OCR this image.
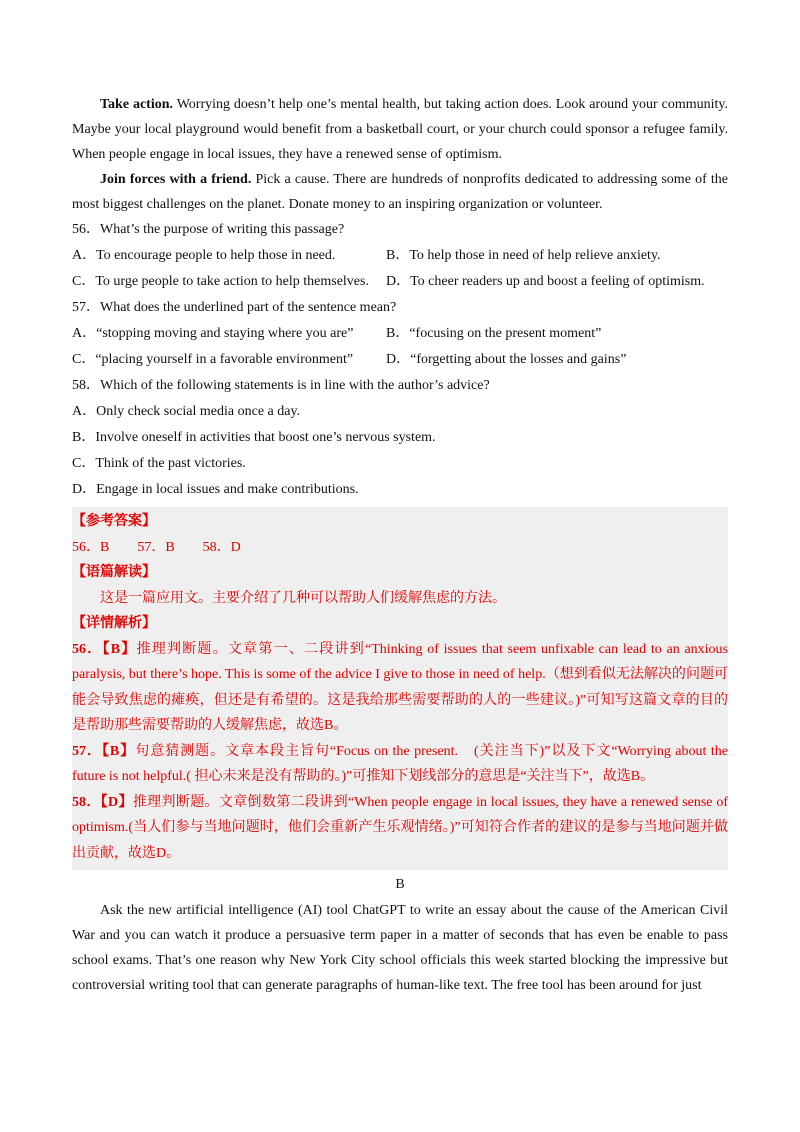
Take action. Worrying doesn’t help one’s mental health, but taking action does. Look around your community. Maybe your local playground would benefit from a basketball court, or your church could sponsor a refugee family. When people engage in local issues, they have a renewed sense of optimism.
Join forces with a friend. Pick a cause. There are hundreds of nonprofits dedicated to addressing some of the most biggest challenges on the planet. Donate money to an inspiring organization or volunteer.
56．What’s the purpose of writing this passage?
A．To encourage people to help those in need.	B．To help those in need of help relieve anxiety.
C．To urge people to take action to help themselves.	D．To cheer readers up and boost a feeling of optimism.
57．What does the underlined part of the sentence mean?
A．“stopping moving and staying where you are”	B．“focusing on the present moment”
C．“placing yourself in a favorable environment”	D．“forgetting about the losses and gains”
58．Which of the following statements is in line with the author’s advice?
A．Only check social media once a day.
B．Involve oneself in activities that boost one’s nervous system.
C．Think of the past victories.
D．Engage in local issues and make contributions.
【参考答案】
56．B　　57．B　　58．D
【语篇解读】
这是一篇应用文。主要介绍了几种可以帮助人们缓解焦虑的方法。
【详情解析】
56．【B】推理判断题。文章第一、二段讲到“Thinking of issues that seem unfixable can lead to an anxious paralysis, but there’s hope. This is some of the advice I give to those in need of help.（想到看似无法解决的问题可能会导致焦虑的瘫痪，但还是有希望的。这是我给那些需要帮助的人的一些建议。)”可知写这篇文章的目的是帮助那些需要帮助的人缓解焦虑，故选B。
57．【B】句意猜测题。文章本段主旨句“Focus on the present.　(关注当下)”以及下文“Worrying about the future is not helpful.( 担心未来是没有帮助的。)”可推知下划线部分的意思是“关注当下”，故选B。
58．【D】推理判断题。文章倒数第二段讲到“When people engage in local issues, they have a renewed sense of optimism.(当人们参与当地问题时，他们会重新产生乐观情绪。)”可知符合作者的建议的是参与当地问题并做出贡献，故选D。
B
Ask the new artificial intelligence (AI) tool ChatGPT to write an essay about the cause of the American Civil War and you can watch it produce a persuasive term paper in a matter of seconds that has even be enable to pass school exams. That’s one reason why New York City school officials this week started blocking the impressive but controversial writing tool that can generate paragraphs of human-like text. The free tool has been around for just
